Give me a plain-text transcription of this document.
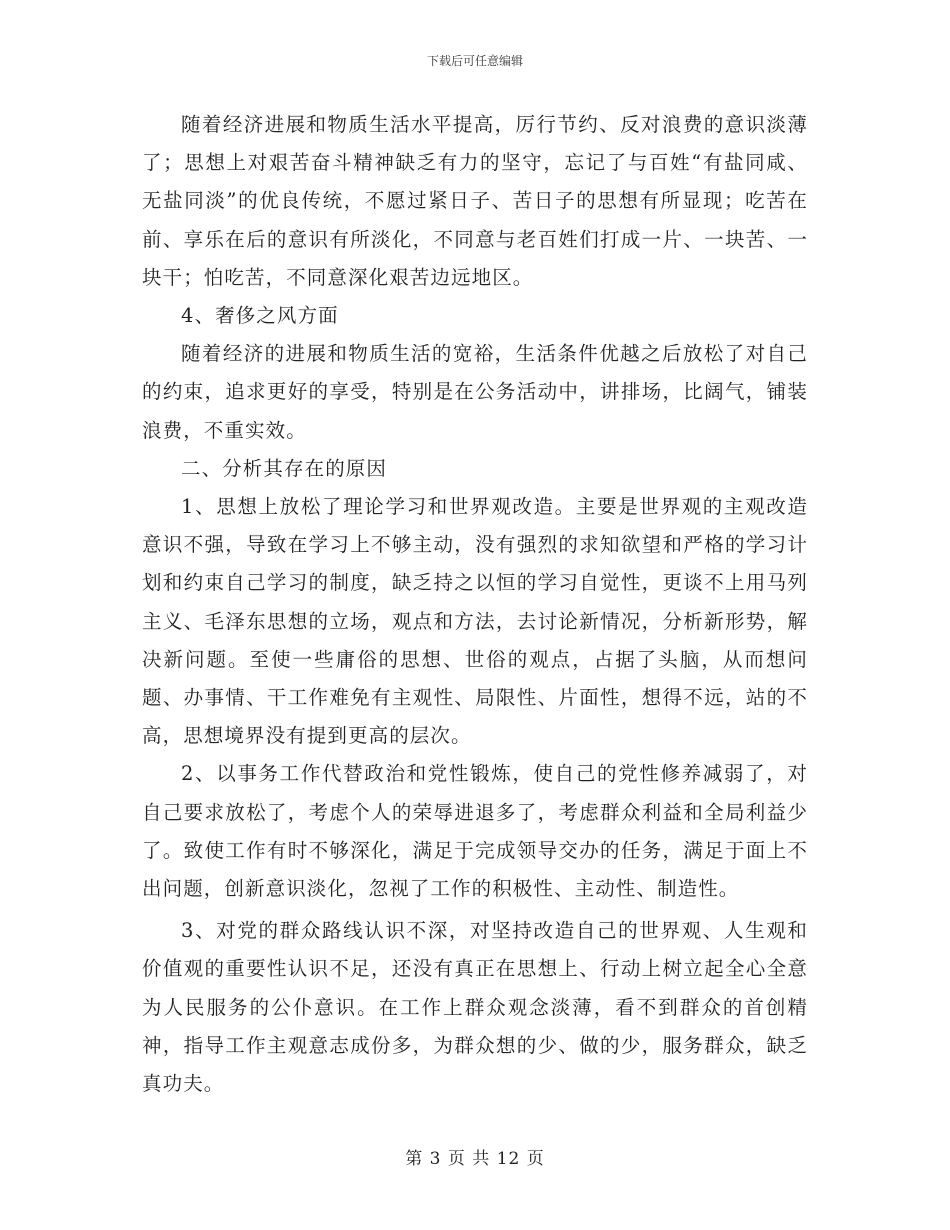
下载后可任意编辑

随着经济进展和物质生活水平提高，厉行节约、反对浪费的意识淡薄了；思想上对艰苦奋斗精神缺乏有力的坚守，忘记了与百姓“有盐同咸、无盐同淡”的优良传统，不愿过紧日子、苦日子的思想有所显现；吃苦在前、享乐在后的意识有所淡化，不同意与老百姓们打成一片、一块苦、一块干；怕吃苦，不同意深化艰苦边远地区。

4、奢侈之风方面

随着经济的进展和物质生活的宽裕，生活条件优越之后放松了对自己的约束，追求更好的享受，特别是在公务活动中，讲排场，比阔气，铺装浪费，不重实效。

二、分析其存在的原因

1、思想上放松了理论学习和世界观改造。主要是世界观的主观改造意识不强，导致在学习上不够主动，没有强烈的求知欲望和严格的学习计划和约束自己学习的制度，缺乏持之以恒的学习自觉性，更谈不上用马列主义、毛泽东思想的立场，观点和方法，去讨论新情况，分析新形势，解决新问题。至使一些庸俗的思想、世俗的观点，占据了头脑，从而想问题、办事情、干工作难免有主观性、局限性、片面性，想得不远，站的不高，思想境界没有提到更高的层次。

2、以事务工作代替政治和党性锻炼，使自己的党性修养减弱了，对自己要求放松了，考虑个人的荣辱进退多了，考虑群众利益和全局利益少了。致使工作有时不够深化，满足于完成领导交办的任务，满足于面上不出问题，创新意识淡化，忽视了工作的积极性、主动性、制造性。

3、对党的群众路线认识不深，对坚持改造自己的世界观、人生观和价值观的重要性认识不足，还没有真正在思想上、行动上树立起全心全意为人民服务的公仆意识。在工作上群众观念淡薄，看不到群众的首创精神，指导工作主观意志成份多，为群众想的少、做的少，服务群众，缺乏真功夫。

第 3 页 共 12 页
